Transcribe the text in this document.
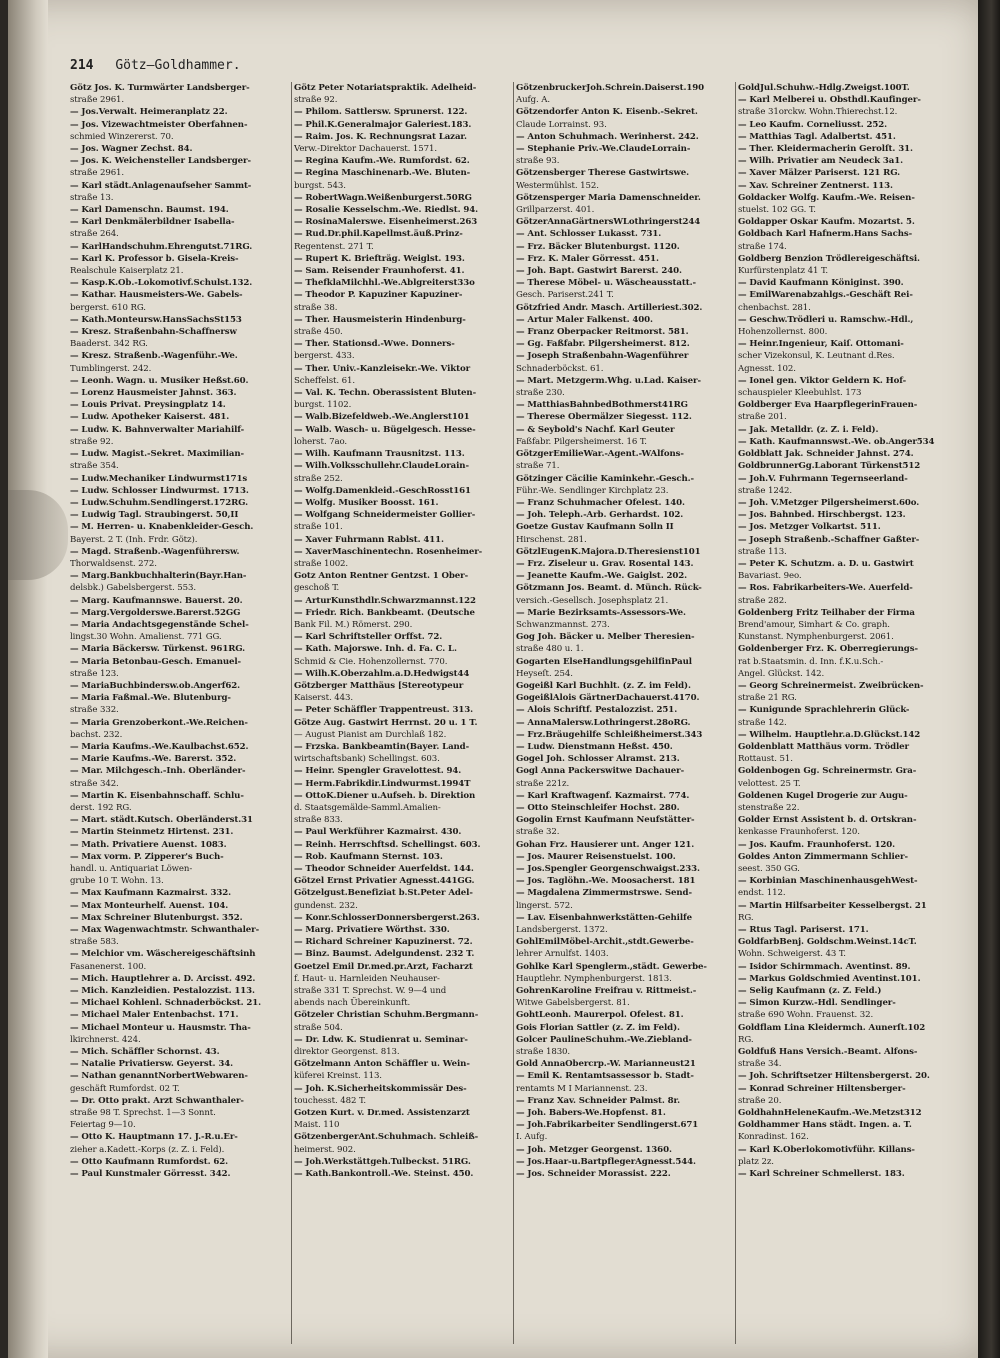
214 Götz—Goldhammer.
Götz Jos. K. Turmwärter Landsberger-
straße 2961.
— Jos.Verwalt. Heimeranplatz 22.
— Jos. Vizewachtmeister Oberfahnen-
schmied Winzererst. 70.
— Jos. Wagner Zechst. 84.
— Jos. K. Weichensteller Landsberger-
straße 2961.
— Karl städt.Anlagenaufseher Sammt-
straße 13.
— Karl Damenschn. Baumst. 194.
— Karl Denkmälerbildner Isabella-
straße 264.
— KarlHandschuhm.Ehrengutst.71RG.
— Karl K. Professor b. Gisela-Kreis-
Realschule Kaiserplatz 21.
— Kasp.K.Ob.-Lokomotivf.Schulst.132.
— Kathar. Hausmeisters-We. Gabels-
bergerst. 610 RG.
— Kath.Monteursw.HansSachsSt153
— Kresz. Straßenbahn-Schaffnersw
Baaderst. 342 RG.
— Kresz. Straßenb.-Wagenführ.-We.
Tumblingerst. 242.
— Leonh. Wagn. u. Musiker Heßst.60.
— Lorenz Hausmeister Jahnst. 363.
— Louis Privat. Preysingplatz 14.
— Ludw. Apotheker Kaiserst. 481.
— Ludw. K. Bahnverwalter Mariahilf-
straße 92.
— Ludw. Magist.-Sekret. Maximilian-
straße 354.
— Ludw.Mechaniker Lindwurmst171s
— Ludw. Schlosser Lindwurmst. 1713.
— Ludw.Schuhm.Sendlingerst.172RG.
— Ludwig Tagl. Straubingerst. 50,II
— M. Herren- u. Knabenkleider-Gesch.
Bayerst. 2 T. (Inh. Frdr. Götz).
— Magd. Straßenb.-Wagenführersw.
Thorwaldsenst. 272.
— Marg.Bankbuchhalterin(Bayr.Han-
delsbk.) Gabelsbergerst. 553.
— Marg. Kaufmannswe. Bauerst. 20.
— Marg.Vergolderswe.Barerst.52GG
— Maria Andachtsgegenstände Schel-
lingst.30 Wohn. Amalienst. 771 GG.
— Maria Bäckersw. Türkenst. 961RG.
— Maria Betonbau-Gesch. Emanuel-
straße 123.
— MariaBuchbindersw.ob.Angerf62.
— Maria Faßmal.-We. Blutenburg-
straße 332.
— Maria Grenzoberkont.-We.Reichen-
bachst. 232.
— Maria Kaufms.-We.Kaulbachst.652.
— Marie Kaufms.-We. Barerst. 352.
— Mar. Milchgesch.-Inh. Oberländer-
straße 342.
— Martin K. Eisenbahnschaff. Schlu-
derst. 192 RG.
— Mart. städt.Kutsch. Oberländerst.31
— Martin Steinmetz Hirtenst. 231.
— Math. Privatiere Auenst. 1083.
— Max vorm. P. Zipperer's Buch-
handl. u. Antiquariat Löwen-
grube 10 T. Wohn. 13.
— Max Kaufmann Kazmairst. 332.
— Max Monteurhelf. Auenst. 104.
— Max Schreiner Blutenburgst. 352.
— Max Wagenwachtmstr. Schwanthaler-
straße 583.
— Melchior vm. Wäschereigeschäftsinh
Fasanenerst. 100.
— Mich. Hauptlehrer a. D. Arcisst. 492.
— Mich. Kanzleidien. Pestalozzist. 113.
— Michael Kohlenl. Schnaderböckst. 21.
— Michael Maler Entenbachst. 171.
— Michael Monteur u. Hausmstr. Tha-
lkirchnerst. 424.
— Mich. Schäffler Schornst. 43.
— Natalie Privatiersw. Geyerst. 34.
— Nathan genanntNorbertWebwaren-
geschäft Rumfordst. 02 T.
— Dr. Otto prakt. Arzt Schwanthaler-
straße 98 T. Sprechst. 1—3 Sonnt.
Feiertag 9—10.
— Otto K. Hauptmann 17. J.-R.u.Er-
zieher a.Kadett.-Korps (z. Z. i. Feld).
— Otto Kaufmann Rumfordst. 62.
— Paul Kunstmaler Görresst. 342.
Götz Peter Notariatspraktik. Adelheid-
straße 92.
— Philom. Sattlersw. Sprunerst. 122.
— Phil.K.Generalmajor Galeriest.183.
— Raim. Jos. K. Rechnungsrat Lazar.
Verw.-Direktor Dachauerst. 1571.
— Regina Kaufm.-We. Rumfordst. 62.
— Regina Maschinenarb.-We. Bluten-
burgst. 543.
— RobertWagn.Weißenburgerst.50RG
— Rosalie Kesselschm.-We. Riedlst. 94.
— RosinaMalerswe. Eisenheimerst.263
— Rud.Dr.phil.Kapellmst.äuß.Prinz-
Regentenst. 271 T.
— Rupert K. Briefträg. Weiglst. 193.
— Sam. Reisender Fraunhoferst. 41.
— ThefklaMilchhl.-We.Ablgreiterst33o
— Theodor P. Kapuziner Kapuziner-
straße 38.
— Ther. Hausmeisterin Hindenburg-
straße 450.
— Ther. Stationsd.-Wwe. Donners-
bergerst. 433.
— Ther. Univ.-Kanzleisekr.-We. Viktor
Scheffelst. 61.
— Val. K. Techn. Oberassistent Bluten-
burgst. 1102.
— Walb.Bizefeldweb.-We.Anglerst101
— Walb. Wasch- u. Bügelgesch. Hesse-
loherst. 7ao.
— Wilh. Kaufmann Trausnitzst. 113.
— Wilh.Volksschullehr.ClaudeLorain-
straße 252.
— Wolfg.Damenkleid.-GeschRosst161
— Wolfg. Musiker Boosst. 161.
— Wolfgang Schneidermeister Gollier-
straße 101.
— Xaver Fuhrmann Rablst. 411.
— XaverMaschinentechn. Rosenheimer-
straße 1002.
Gotz Anton Rentner Gentzst. 1 Ober-
geschoß T.
— ArturKunsthdlr.Schwarzmannst.122
— Friedr. Rich. Bankbeamt. (Deutsche
Bank Fil. M.) Römerst. 290.
— Karl Schriftsteller Orffst. 72.
— Kath. Majorswe. Inh. d. Fa. C. L.
Schmid & Cie. Hohenzollernst. 770.
— Wilh.K.Oberzahlm.a.D.Hedwigst44
Götzberger Matthäus [Stereotypeur
Kaiserst. 443.
— Peter Schäffler Trappentreust. 313.
Götze Aug. Gastwirt Herrnst. 20 u. 1 T.
— August Pianist am Durchlaß 182.
— Frzska. Bankbeamtin(Bayer. Land-
wirtschaftsbank) Schellingst. 603.
— Heinr. Spengler Gravelottest. 94.
— Herm.Fabrikdir.Lindwurmst.1994T
— OttoK.Diener u.Aufseh. b. Direktion
d. Staatsgemälde-Samml.Amalien-
straße 833.
— Paul Werkführer Kazmairst. 430.
— Reinh. Herrschftsd. Schellingst. 603.
— Rob. Kaufmann Sternst. 103.
— Theodor Schneider Auerfeldst. 144.
Götzel Ernst Privatier Agnesst.441GG.
Götzelgust.Benefiziat b.St.Peter Adel-
gundenst. 232.
— Konr.SchlosserDonnersbergerst.263.
— Marg. Privatiere Wörthst. 330.
— Richard Schreiner Kapuzinerst. 72.
— Binz. Baumst. Adelgundenst. 232 T.
Goetzel Emil Dr.med.pr.Arzt, Facharzt
f. Haut- u. Harnleiden Neuhauser-
straße 331 T. Sprechst. W. 9—4 und
abends nach Übereinkunft.
Götzeler Christian Schuhm.Bergmann-
straße 504.
— Dr. Ldw. K. Studienrat u. Seminar-
direktor Georgenst. 813.
Götzelmann Anton Schäffler u. Wein-
küferei Kreinst. 113.
— Joh. K.Sicherheitskommissär Des-
touchesst. 482 T.
Gotzen Kurt. v. Dr.med. Assistenzarzt
Maist. 110
GötzenbergerAnt.Schuhmach. Schleiß-
heimerst. 902.
— Joh.Werkstättgeh.Tulbeckst. 51RG.
— Kath.Bankontroll.-We. Steinst. 450.
GötzenbruckerJoh.Schrein.Daiserst.190
Aufg. A.
Götzendorfer Anton K. Eisenb.-Sekret.
Claude Lorrainst. 93.
— Anton Schuhmach. Werinherst. 242.
— Stephanie Priv.-We.ClaudeLorrain-
straße 93.
Götzensberger Therese Gastwirtswe.
Westermühlst. 152.
Götzensperger Maria Damenschneider.
Grillparzerst. 401.
GötzerAnnaGärtnersWLothringerst244
— Ant. Schlosser Lukasst. 731.
— Frz. Bäcker Blutenburgst. 1120.
— Frz. K. Maler Görresst. 451.
— Joh. Bapt. Gastwirt Barerst. 240.
— Therese Möbel- u. Wäscheausstatt.-
Gesch. Pariserst.241 T.
Götzfried Andr. Masch. Artilleriest.302.
— Artur Maler Falkenst. 400.
— Franz Oberpacker Reitmorst. 581.
— Gg. Faßfabr. Pilgersheimerst. 812.
— Joseph Straßenbahn-Wagenführer
Schnaderböckst. 61.
— Mart. Metzgerm.Whg. u.Lad. Kaiser-
straße 230.
— MatthiasBahnbedBothmerst41RG
— Therese Obermälzer Siegesst. 112.
— & Seybold's Nachf. Karl Geuter
Faßfabr. Pilgersheimerst. 16 T.
GötzgerEmilieWar.-Agent.-WAlfons-
straße 71.
Götzinger Cäcilie Kaminkehr.-Gesch.-
Führ.-We. Sendlinger Kirchplatz 23.
— Franz Schuhmacher Ofelest. 140.
— Joh. Teleph.-Arb. Gerhardst. 102.
Goetze Gustav Kaufmann Solln II
Hirschenst. 281.
GötzlEugenK.Majora.D.Theresienst101
— Frz. Ziseleur u. Grav. Rosental 143.
— Jeanette Kaufm.-We. Gaiglst. 202.
Götzmann Jos. Beamt. d. Münch. Rück-
versich.-Gesellsch. Josephsplatz 21.
— Marie Bezirksamts-Assessors-We.
Schwanzmannst. 273.
Gog Joh. Bäcker u. Melber Theresien-
straße 480 u. 1.
Gogarten ElseHandlungsgehilfinPaul
Heyseſt. 254.
Gogeißl Karl Buchhlt. (z. Z. im Feld).
GogeißlAlois GärtnerDachauerst.4170.
— Alois Schriftf. Pestalozzist. 251.
— AnnaMalersw.Lothringerst.28oRG.
— Frz.Bräugehilfe Schleißheimerst.343
— Ludw. Dienstmann Heßst. 450.
Gogel Joh. Schlosser Alramst. 213.
Gogl Anna Packerswitwe Dachauer-
straße 221z.
— Karl Kraftwagenf. Kazmairst. 774.
— Otto Steinschleifer Hochst. 280.
Gogolin Ernst Kaufmann Neufstätter-
straße 32.
Gohan Frz. Hausierer unt. Anger 121.
— Jos. Maurer Reisenstuelst. 100.
— Jos.Spengler Georgenschwaigst.233.
— Jos. Taglöhn.-We. Moosacherst. 181
— Magdalena Zimmermstrswe. Send-
lingerst. 572.
— Lav. Eisenbahnwerkstätten-Gehilfe
Landsbergerst. 1372.
GohlEmilMöbel-Archit.,stdt.Gewerbe-
lehrer Arnulfst. 1403.
Gohlke Karl Spenglerm.,städt. Gewerbe-
Hauptlehr. Nymphenburgerst. 1813.
GohrenKaroline Freifrau v. Rittmeist.-
Witwe Gabelsbergerst. 81.
GohtLeonh. Maurerpol. Ofelest. 81.
Gois Florian Sattler (z. Z. im Feld).
Golcer PaulineSchuhm.-We.Ziebland-
straße 1830.
Gold AnnaObercrp.-W. Marianneust21
— Emil K. Rentamtsassessor b. Stadt-
rentamts M I Mariannenst. 23.
— Franz Xav. Schneider Palmst. 8r.
— Joh. Babers-We.Hopfenst. 81.
— Joh.Fabrikarbeiter Sendlingerst.671
I. Aufg.
— Joh. Metzger Georgenst. 1360.
— Jos.Haar-u.BartpflegerAgnesst.544.
— Jos. Schneider Morassist. 222.
GoldJul.Schuhw.-Hdlg.Zweigst.100T.
— Karl Melberei u. Obsthdl.Kaufinger-
straße 31orckw. Wohn.Thierechst.12.
— Leo Kaufm. Corneliusst. 252.
— Matthias Tagl. Adalbertst. 451.
— Ther. Kleidermacherin Gerolſt. 31.
— Wilh. Privatier am Neudeck 3a1.
— Xaver Mälzer Pariserst. 121 RG.
— Xav. Schreiner Zentnerst. 113.
Goldacker Wolfg. Kaufm.-We. Reisen-
stuelst. 102 GG. T.
Goldapper Oskar Kaufm. Mozartst. 5.
Goldbach Karl Hafnerm.Hans Sachs-
straße 174.
Goldberg Benzion Trödlereigeschäftsi.
Kurfürstenplatz 41 T.
— David Kaufmann Königinst. 390.
— EmilWarenabzahlgs.-Geschäft Rei-
chenbachst. 281.
— Geschw.Trödleri u. Ramschw.-Hdl.,
Hohenzollernst. 800.
— Heinr.Ingenieur, Kaiſ. Ottomani-
scher Vizekonsul, K. Leutnant d.Res.
Agnesst. 102.
— Ionel gen. Viktor Geldern K. Hof-
schauspieler Kleebuhlst. 173
Goldberger Eva HaarpflegerinFrauen-
straße 201.
— Jak. Metalldr. (z. Z. i. Feld).
— Kath. Kaufmannswst.-We. ob.Anger534
Goldblatt Jak. Schneider Jahnst. 274.
GoldbrunnerGg.Laborant Türkenst512
— Joh.V. Fuhrmann Tegernseerland-
straße 1242.
— Joh. V.Metzger Pilgersheimerst.60o.
— Jos. Bahnbed. Hirschbergst. 123.
— Jos. Metzger Volkartst. 511.
— Joseph Straßenb.-Schaffner Gaßter-
straße 113.
— Peter K. Schutzm. a. D. u. Gastwirt
Bavariast. 9eo.
— Ros. Fabrikarbeiters-We. Auerfeld-
straße 282.
Goldenberg Fritz Teilhaber der Firma
Brend'amour, Simhart & Co. graph.
Kunstanst. Nymphenburgerst. 2061.
Goldenberger Frz. K. Oberregierungs-
rat b.Staatsmin. d. Inn. f.K.u.Sch.-
Angel. Glückst. 142.
— Georg Schreinermeist. Zweibrücken-
straße 21 RG.
— Kunigunde Sprachlehrerin Glück-
straße 142.
— Wilhelm. Hauptlehr.a.D.Glückst.142
Goldenblatt Matthäus vorm. Trödler
Rottaust. 51.
Goldenbogen Gg. Schreinermstr. Gra-
velottest. 25 T.
Goldenen Kugel Drogerie zur Augu-
stenstraße 22.
Golder Ernst Assistent b. d. Ortskran-
kenkasse Fraunhoferst. 120.
— Jos. Kaufm. Fraunhoferst. 120.
Goldes Anton Zimmermann Schlier-
seest. 350 GG.
— Korbinian MaschinenhausgehWest-
endst. 112.
— Martin Hilfsarbeiter Kesselbergst. 21
RG.
— Rtus Tagl. Pariserst. 171.
GoldfarbBenj. Goldschm.Weinst.14cT.
Wohn. Schweigerst. 43 T.
— Isidor Schirmmach. Aventinst. 89.
— Markus Goldschmied Aventinst.101.
— Selig Kaufmann (z. Z. Feld.)
— Simon Kurzw.-Hdl. Sendlinger-
straße 690 Wohn. Frauenst. 32.
Goldflam Lina Kleidermch. Aunerſt.102
RG.
Goldfuß Hans Versich.-Beamt. Alfons-
straße 34.
— Joh. Schriftsetzer Hiltensbergerst. 20.
— Konrad Schreiner Hiltensberger-
straße 20.
GoldhahnHeleneKaufm.-We.Metzst312
Goldhammer Hans städt. Ingen. a. T.
Konradinst. 162.
— Karl K.Oberlokomotivführ. Killans-
platz 2z.
— Karl Schreiner Schmellerst. 183.
